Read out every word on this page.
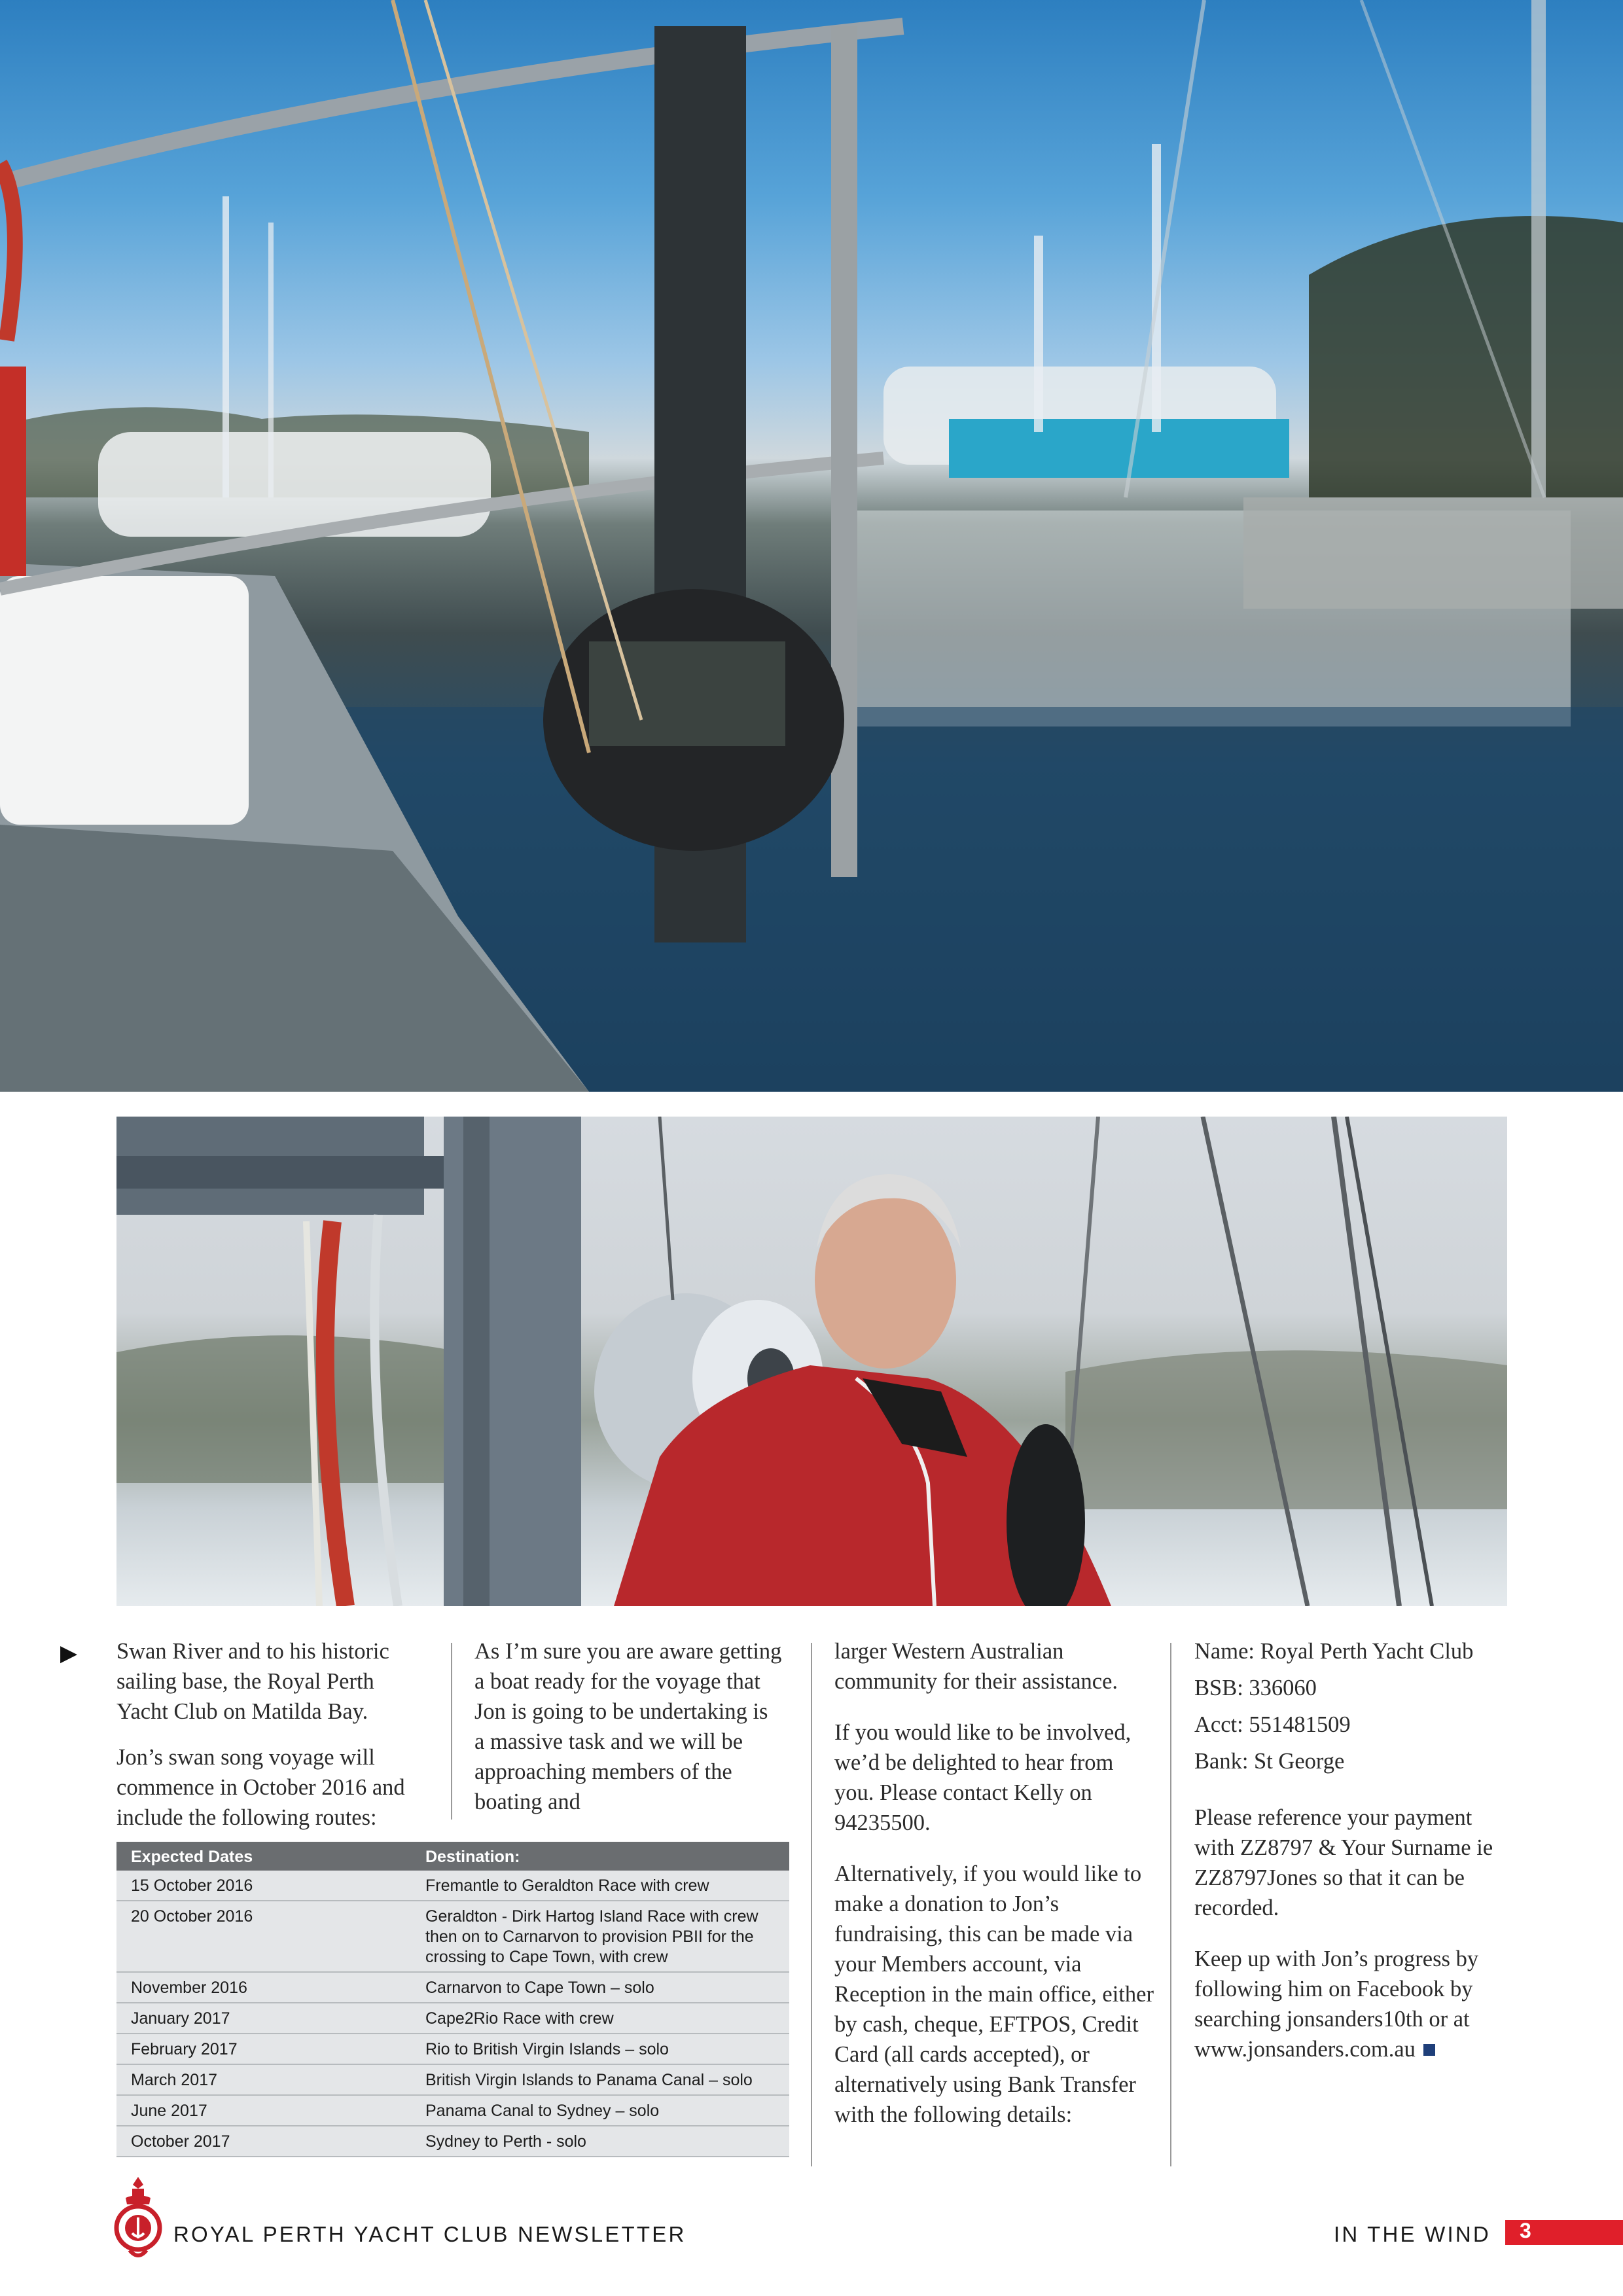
▶ Swan River and to his historic sailing base, the Royal Perth Yacht Club on Matilda Bay.

Jon’s swan song voyage will commence in October 2016 and include the following routes:

As I’m sure you are aware getting a boat ready for the voyage that Jon is going to be undertaking is a massive task and we will be approaching members of the boating and

larger Western Australian community for their assistance.

If you would like to be involved, we’d be delighted to hear from you. Please contact Kelly on 94235500.

Alternatively, if you would like to make a donation to Jon’s fundraising, this can be made via your Members account, via Reception in the main office, either by cash, cheque, EFTPOS, Credit Card (all cards accepted), or alternatively using Bank Transfer with the following details:

Name: Royal Perth Yacht Club

BSB: 336060

Acct: 551481509

Bank: St George

Please reference your payment with ZZ8797 & Your Surname ie ZZ8797Jones so that it can be recorded.

Keep up with Jon’s progress by following him on Facebook by searching jonsanders10th or at www.jonsanders.com.au

Expected Dates	Destination:
15 October 2016	Fremantle to Geraldton Race with crew
20 October 2016	Geraldton - Dirk Hartog Island Race with crew then on to Carnarvon to provision PBII for the crossing to Cape Town, with crew
November 2016	Carnarvon to Cape Town – solo
January 2017	Cape2Rio Race with crew
February 2017	Rio to British Virgin Islands – solo
March 2017	British Virgin Islands to Panama Canal – solo
June 2017	Panama Canal to Sydney – solo
October 2017	Sydney to Perth - solo
ROYAL PERTH YACHT CLUB NEWSLETTER	IN THE WIND 3
